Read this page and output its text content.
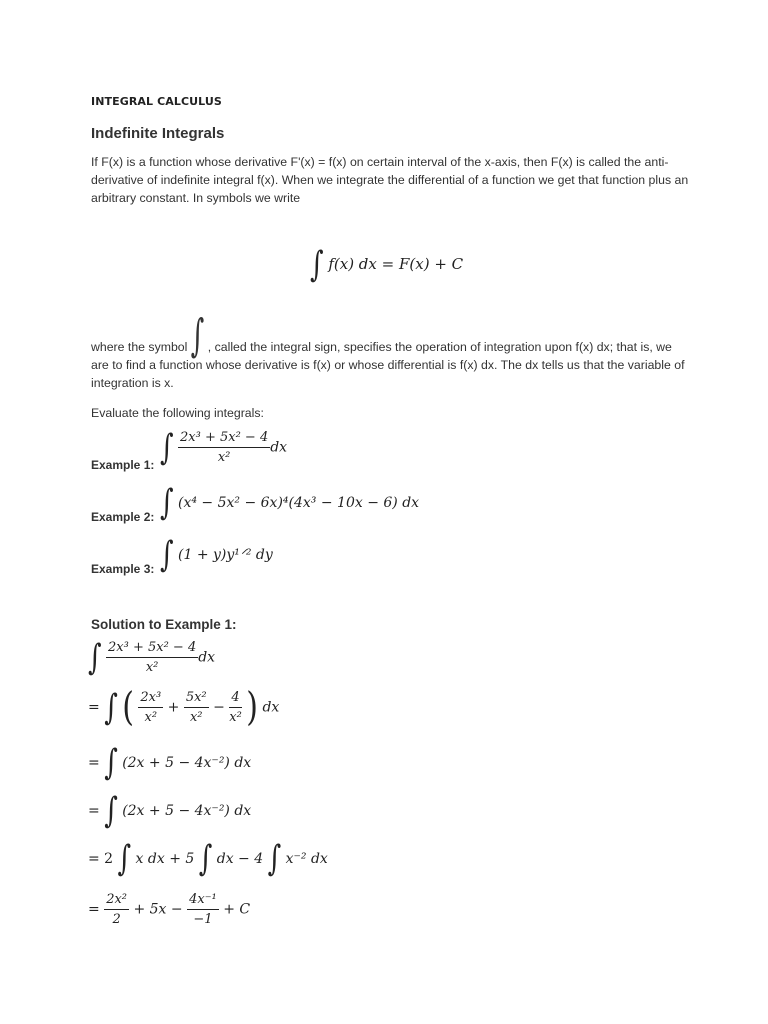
INTEGRAL CALCULUS
Indefinite Integrals

If F(x) is a function whose derivative F'(x) = f(x) on certain interval of the x-axis, then F(x) is called the anti-derivative of indefinite integral f(x). When we integrate the differential of a function we get that function plus an arbitrary constant. In symbols we write

∫ f(x) dx = F(x) + C

where the symbol ∫ , called the integral sign, specifies the operation of integration upon f(x) dx; that is, we are to find a function whose derivative is f(x) or whose differential is f(x) dx. The dx tells us that the variable of integration is x.

Evaluate the following integrals:

Example 1: ∫ $\frac{\text{2x³ + 5x² − 4}}{\text{x²}}$ dx
Example 2: ∫ (x⁴ − 5x² − 6x)⁴(4x³ − 10x − 6) dx
Example 3: ∫ (1 + y)y¹ᐟ² dy
Solution to Example 1:
∫ $\frac{\text{2x³ + 5x² − 4}}{\text{x²}}$ dx
= ∫ ( $\frac{\text{2x³}}{\text{x²}} + \frac{\text{5x²}}{\text{x²}} - \frac{4}{\text{x²}}$ ) dx
= ∫ (2x + 5 − 4x⁻²) dx
= ∫ (2x + 5 − 4x⁻²) dx
= 2 ∫ x dx + 5 ∫ dx − 4 ∫ x⁻² dx
= $\frac{\text{2x²}}{2} + 5x - \frac{\text{4x⁻¹}}{-1} + C$
